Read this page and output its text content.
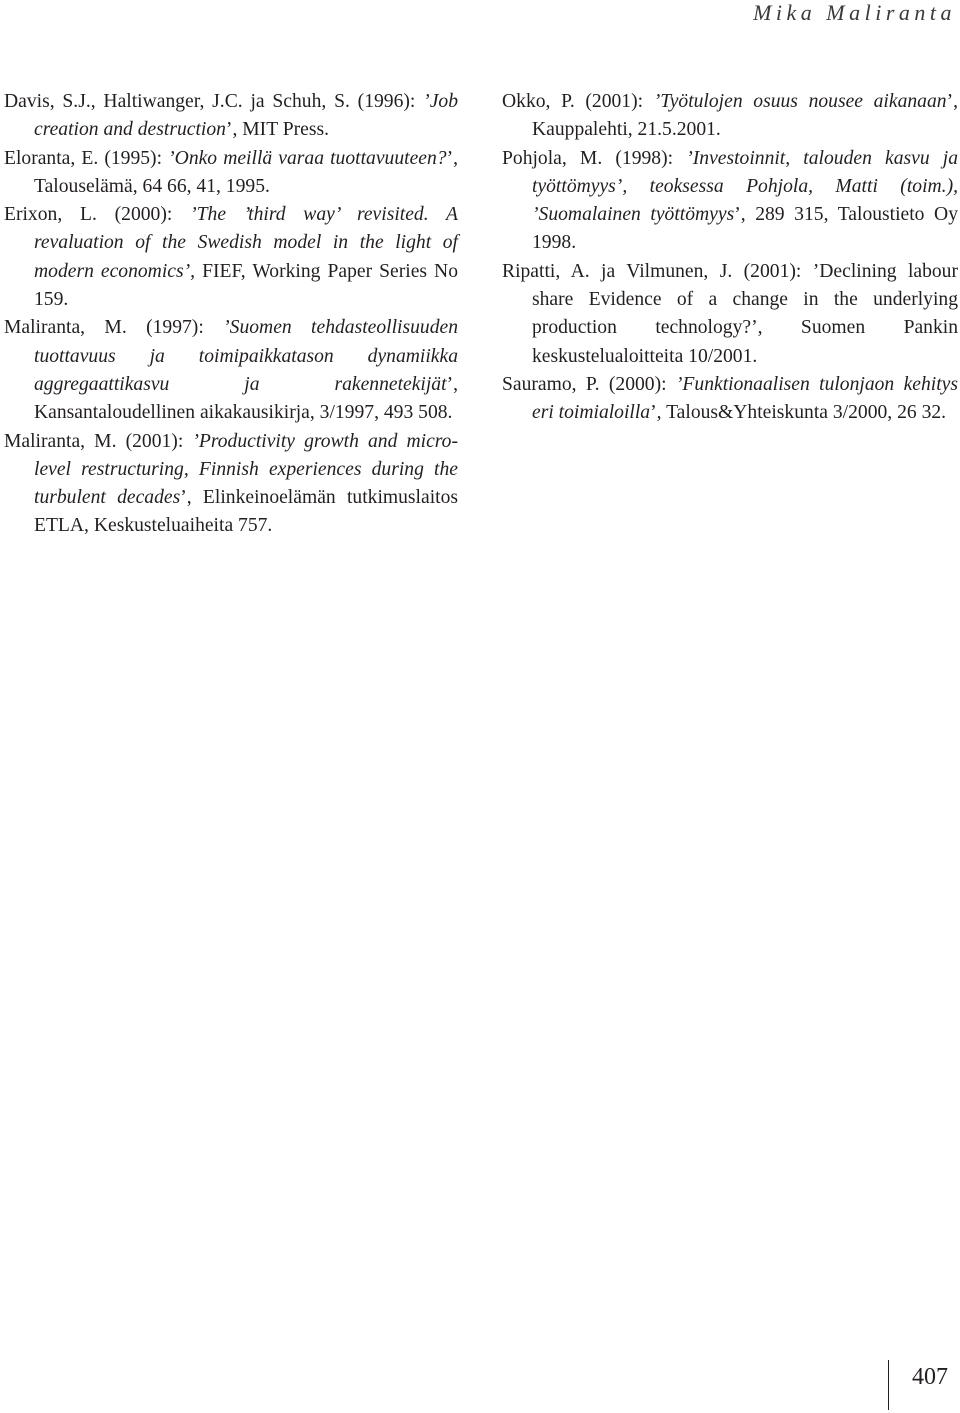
Mika Maliranta

Davis, S.J., Haltiwanger, J.C. ja Schuh, S. (1996): ’Job creation and destruction’, MIT Press.

Eloranta, E. (1995): ’Onko meillä varaa tuottavuuteen?’, Talouselämä, 64 66, 41, 1995.

Erixon, L. (2000): ’The ’third way’ revisited. A revaluation of the Swedish model in the light of modern economics’, FIEF, Working Paper Series No 159.

Maliranta, M. (1997): ’Suomen tehdasteollisuuden tuottavuus ja toimipaikkatason dynamiikka aggregaattikasvu ja rakennetekijät’, Kansantaloudellinen aikakausikirja, 3/1997, 493 508.

Maliranta, M. (2001): ’Productivity growth and micro-level restructuring, Finnish experiences during the turbulent decades’, Elinkeinoelämän tutkimuslaitos ETLA, Keskusteluaiheita 757.

Okko, P. (2001): ’Työtulojen osuus nousee aikanaan’, Kauppalehti, 21.5.2001.

Pohjola, M. (1998): ’Investoinnit, talouden kasvu ja työttömyys’, teoksessa Pohjola, Matti (toim.), ’Suomalainen työttömyys’, 289 315, Taloustieto Oy 1998.

Ripatti, A. ja Vilmunen, J. (2001): ’Declining labour share Evidence of a change in the underlying production technology?’, Suomen Pankin keskustelualoitteita 10/2001.

Sauramo, P. (2000): ’Funktionaalisen tulonjaon kehitys eri toimialoilla’, Talous&Yhteiskunta 3/2000, 26 32.

407
